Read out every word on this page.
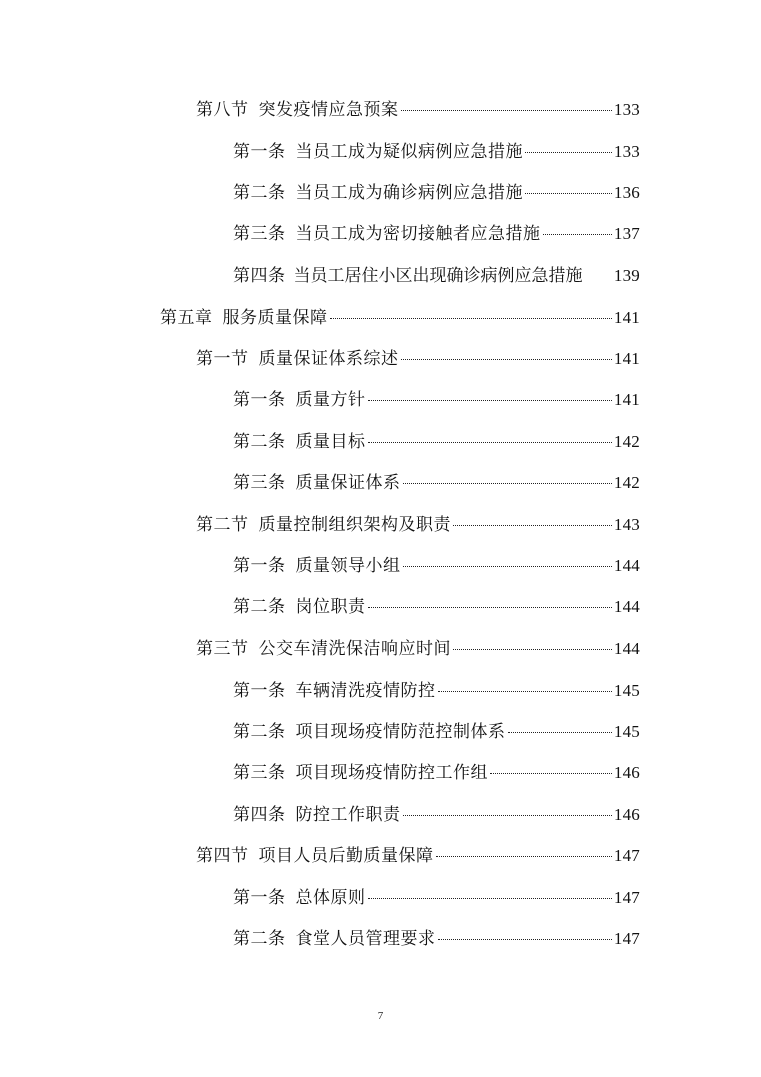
第八节 突发疫情应急预案	133
第一条 当员工成为疑似病例应急措施	133
第二条 当员工成为确诊病例应急措施	136
第三条 当员工成为密切接触者应急措施	137
第四条 当员工居住小区出现确诊病例应急措施 139
第五章 服务质量保障	141
第一节 质量保证体系综述	141
第一条 质量方针	141
第二条 质量目标	142
第三条 质量保证体系	142
第二节 质量控制组织架构及职责	143
第一条 质量领导小组	144
第二条 岗位职责	144
第三节 公交车清洗保洁响应时间	144
第一条 车辆清洗疫情防控	145
第二条 项目现场疫情防范控制体系	145
第三条 项目现场疫情防控工作组	146
第四条 防控工作职责	146
第四节 项目人员后勤质量保障	147
第一条 总体原则	147
第二条 食堂人员管理要求	147
7
